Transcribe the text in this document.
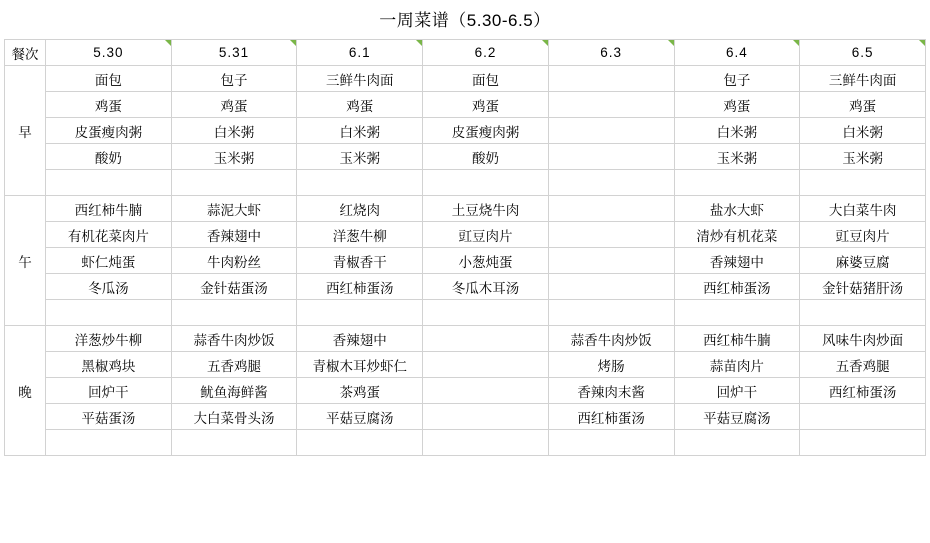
一周菜谱（5.30-6.5）
餐次	5.30	5.31	6.1	6.2	6.3	6.4	6.5
早	面包	包子	三鲜牛肉面	面包		包子	三鲜牛肉面
	鸡蛋	鸡蛋	鸡蛋	鸡蛋		鸡蛋	鸡蛋
	皮蛋瘦肉粥	白米粥	白米粥	皮蛋瘦肉粥		白米粥	白米粥
	酸奶	玉米粥	玉米粥	酸奶		玉米粥	玉米粥

午	西红柿牛腩	蒜泥大虾	红烧肉	土豆烧牛肉		盐水大虾	大白菜牛肉
	有机花菜肉片	香辣翅中	洋葱牛柳	豇豆肉片		清炒有机花菜	豇豆肉片
	虾仁炖蛋	牛肉粉丝	青椒香干	小葱炖蛋		香辣翅中	麻婆豆腐
	冬瓜汤	金针菇蛋汤	西红柿蛋汤	冬瓜木耳汤		西红柿蛋汤	金针菇猪肝汤

晚	洋葱炒牛柳	蒜香牛肉炒饭	香辣翅中		蒜香牛肉炒饭	西红柿牛腩	风味牛肉炒面
	黑椒鸡块	五香鸡腿	青椒木耳炒虾仁		烤肠	蒜苗肉片	五香鸡腿
	回炉干	鱿鱼海鲜酱	茶鸡蛋		香辣肉末酱	回炉干	西红柿蛋汤
	平菇蛋汤	大白菜骨头汤	平菇豆腐汤		西红柿蛋汤	平菇豆腐汤	
